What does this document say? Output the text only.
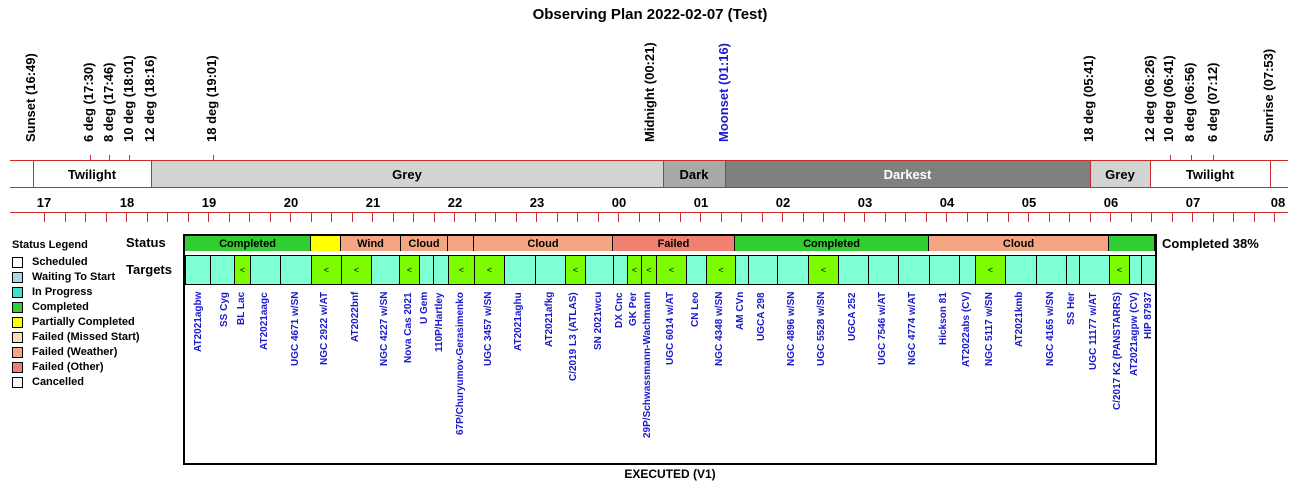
Observing Plan 2022-02-07 (Test)
Twilight	Grey	Dark	Darkest	Grey	Twilight
Sunset (16:49)	6 deg (17:30) 8 deg (17:46) 10 deg (18:01) 12 deg (18:16)	18 deg (19:01)	Midnight (00:21)	Moonset (01:16)	18 deg (05:41)	12 deg (06:26) 10 deg (06:41) 8 deg (06:56) 6 deg (07:12)	Sunrise (07:53)
17	18	19	20	21	22	23	00	01	02	03	04	05	06	07	08
Status Legend
Scheduled
Waiting To Start
In Progress
Completed
Partially Completed
Failed (Missed Start)
Failed (Weather)
Failed (Other)
Cancelled
Status
Targets
Completed	Wind	Cloud	Cloud	Failed	Completed	Cloud
<	<	<	<	<	<	<	<	<	<	<	<	<	<
AT2021agbw SS Cyg BL Lac AT2021aagc UGC 4671 w/SN NGC 2922 w/AT AT2022bnf NGC 4227 w/SN Nova Cas 2021 U Gem 110P/Hartley 67P/Churyumov-Gerasimenko UGC 3457 w/SN AT2021aghu AT2021afkg C/2019 L3 (ATLAS) SN 2021wcu DX Cnc GK Per 29P/Schwassmann-Wachmann UGC 6014 w/AT CN Leo NGC 4348 w/SN AM CVn UGCA 298 NGC 4896 w/SN UGC 5528 w/SN UGCA 252 UGC 7546 w/AT NGC 4774 w/AT Hickson 81 AT2022abs (CV) NGC 5117 w/SN AT2021kmb NGC 4165 w/SN SS Her UGC 11177 w/AT C/2017 K2 (PANSTARRS) AT2021agpw (CV) HIP 87937
Completed 38%
EXECUTED (V1)
